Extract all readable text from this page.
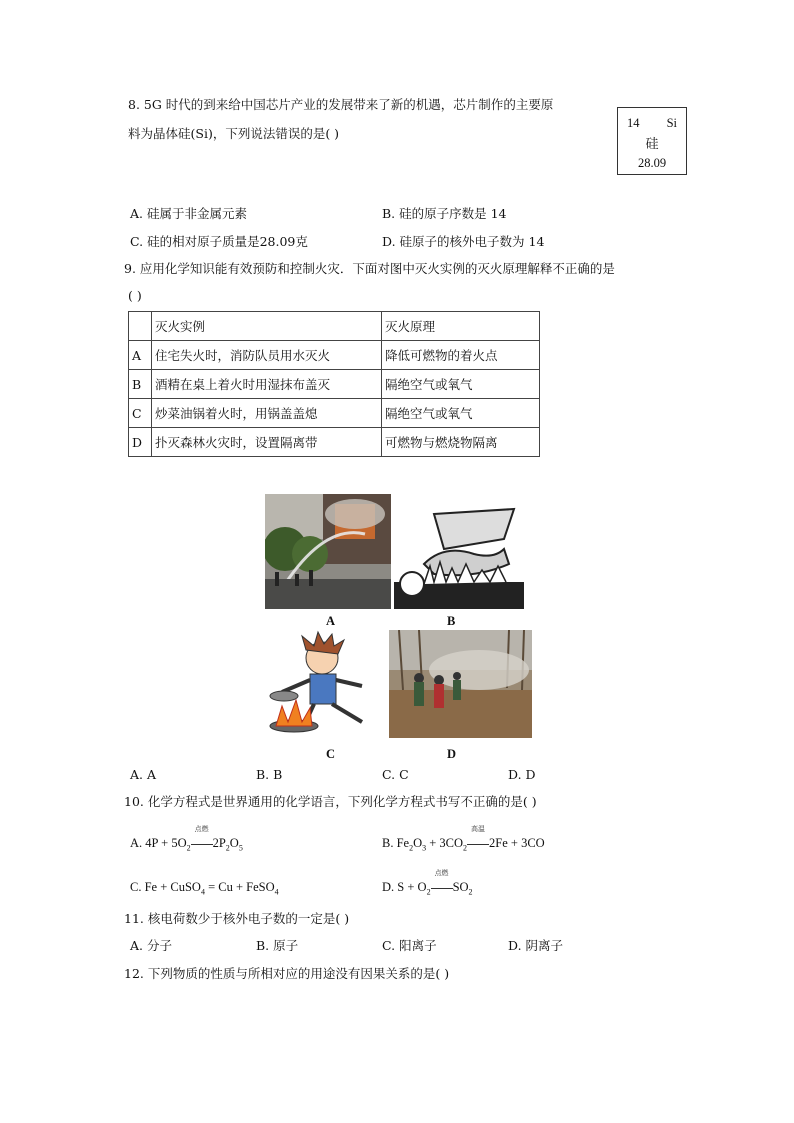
8. 5G 时代的到来给中国芯片产业的发展带来了新的机遇，芯片制作的主要原
料为晶体硅(Si)，下列说法错误的是( )
14 Si
硅
28.09
A. 硅属于非金属元素	B. 硅的原子序数是 14
C. 硅的相对原子质量是28.09克	D. 硅原子的核外电子数为 14
9. 应用化学知识能有效预防和控制火灾．下面对图中灭火实例的灭火原理解释不正确的是
( )
	灭火实例	灭火原理
A	住宅失火时，消防队员用水灭火	降低可燃物的着火点
B	酒精在桌上着火时用湿抹布盖灭	隔绝空气或氧气
C	炒菜油锅着火时，用锅盖盖熄	隔绝空气或氧气
D	扑灭森林火灾时，设置隔离带	可燃物与燃烧物隔离
A	B
C	D
A. A	B. B	C. C	D. D
10. 化学方程式是世界通用的化学语言，下列化学方程式书写不正确的是( )
A. $4P + 5O_2$
点燃
$2P_2O_5$	B. $Fe_2O_3 + 3CO_2$
高温
2Fe + 3CO
C. Fe + CuSO$_4$ = Cu + FeSO$_4$	D. $S + O_2$
点燃
$SO_2$
11. 核电荷数少于核外电子数的一定是( )
A. 分子	B. 原子	C. 阳离子	D. 阴离子
12. 下列物质的性质与所相对应的用途没有因果关系的是( )
